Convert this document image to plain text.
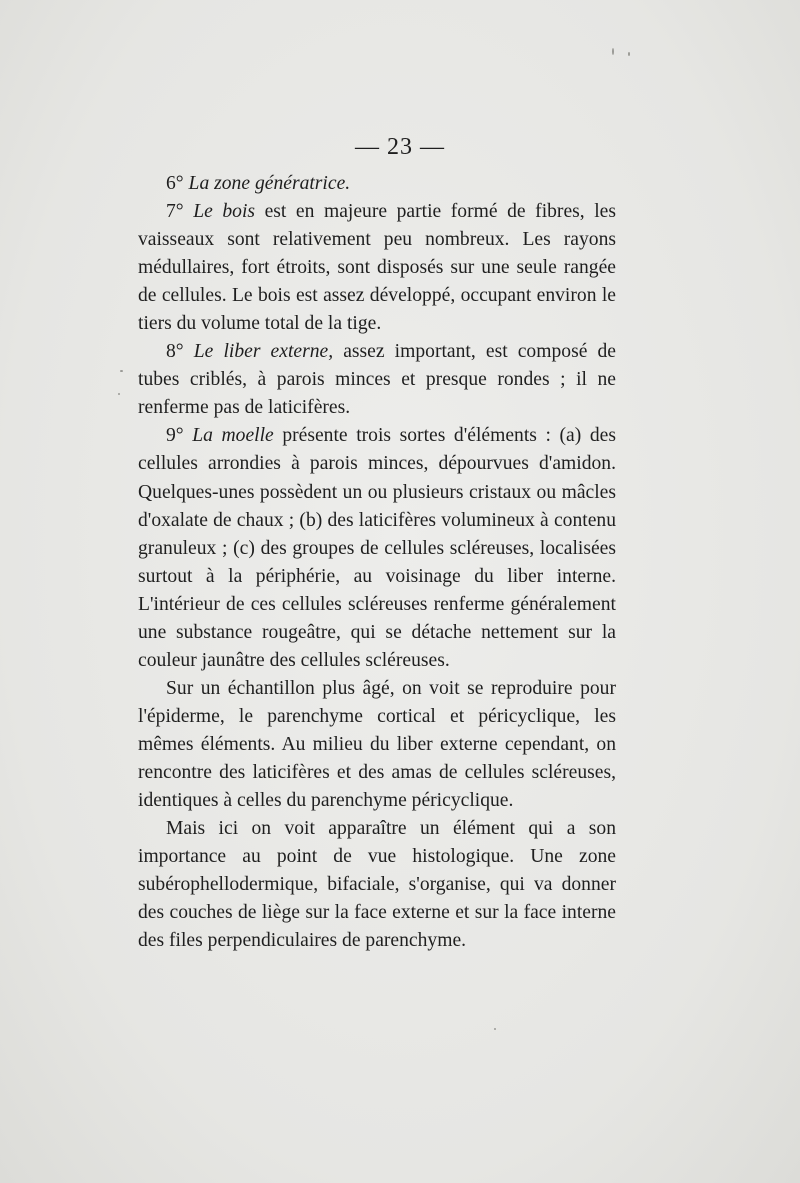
— 23 —

6° La zone génératrice.

7° Le bois est en majeure partie formé de fibres, les vaisseaux sont relativement peu nombreux. Les rayons médullaires, fort étroits, sont disposés sur une seule rangée de cellules. Le bois est assez développé, occupant environ le tiers du volume total de la tige.

8° Le liber externe, assez important, est composé de tubes criblés, à parois minces et presque rondes ; il ne renferme pas de laticifères.

9° La moelle présente trois sortes d'éléments : (a) des cellules arrondies à parois minces, dépourvues d'amidon. Quelques-unes possèdent un ou plusieurs cristaux ou mâcles d'oxalate de chaux ; (b) des laticifères volumineux à contenu granuleux ; (c) des groupes de cellules scléreuses, localisées surtout à la périphérie, au voisinage du liber interne. L'intérieur de ces cellules scléreuses renferme généralement une substance rougeâtre, qui se détache nettement sur la couleur jaunâtre des cellules scléreuses.

Sur un échantillon plus âgé, on voit se reproduire pour l'épiderme, le parenchyme cortical et péricyclique, les mêmes éléments. Au milieu du liber externe cependant, on rencontre des laticifères et des amas de cellules scléreuses, identiques à celles du parenchyme péricyclique.

Mais ici on voit apparaître un élément qui a son importance au point de vue histologique. Une zone subérophellodermique, bifaciale, s'organise, qui va donner des couches de liège sur la face externe et sur la face interne des files perpendiculaires de parenchyme.
